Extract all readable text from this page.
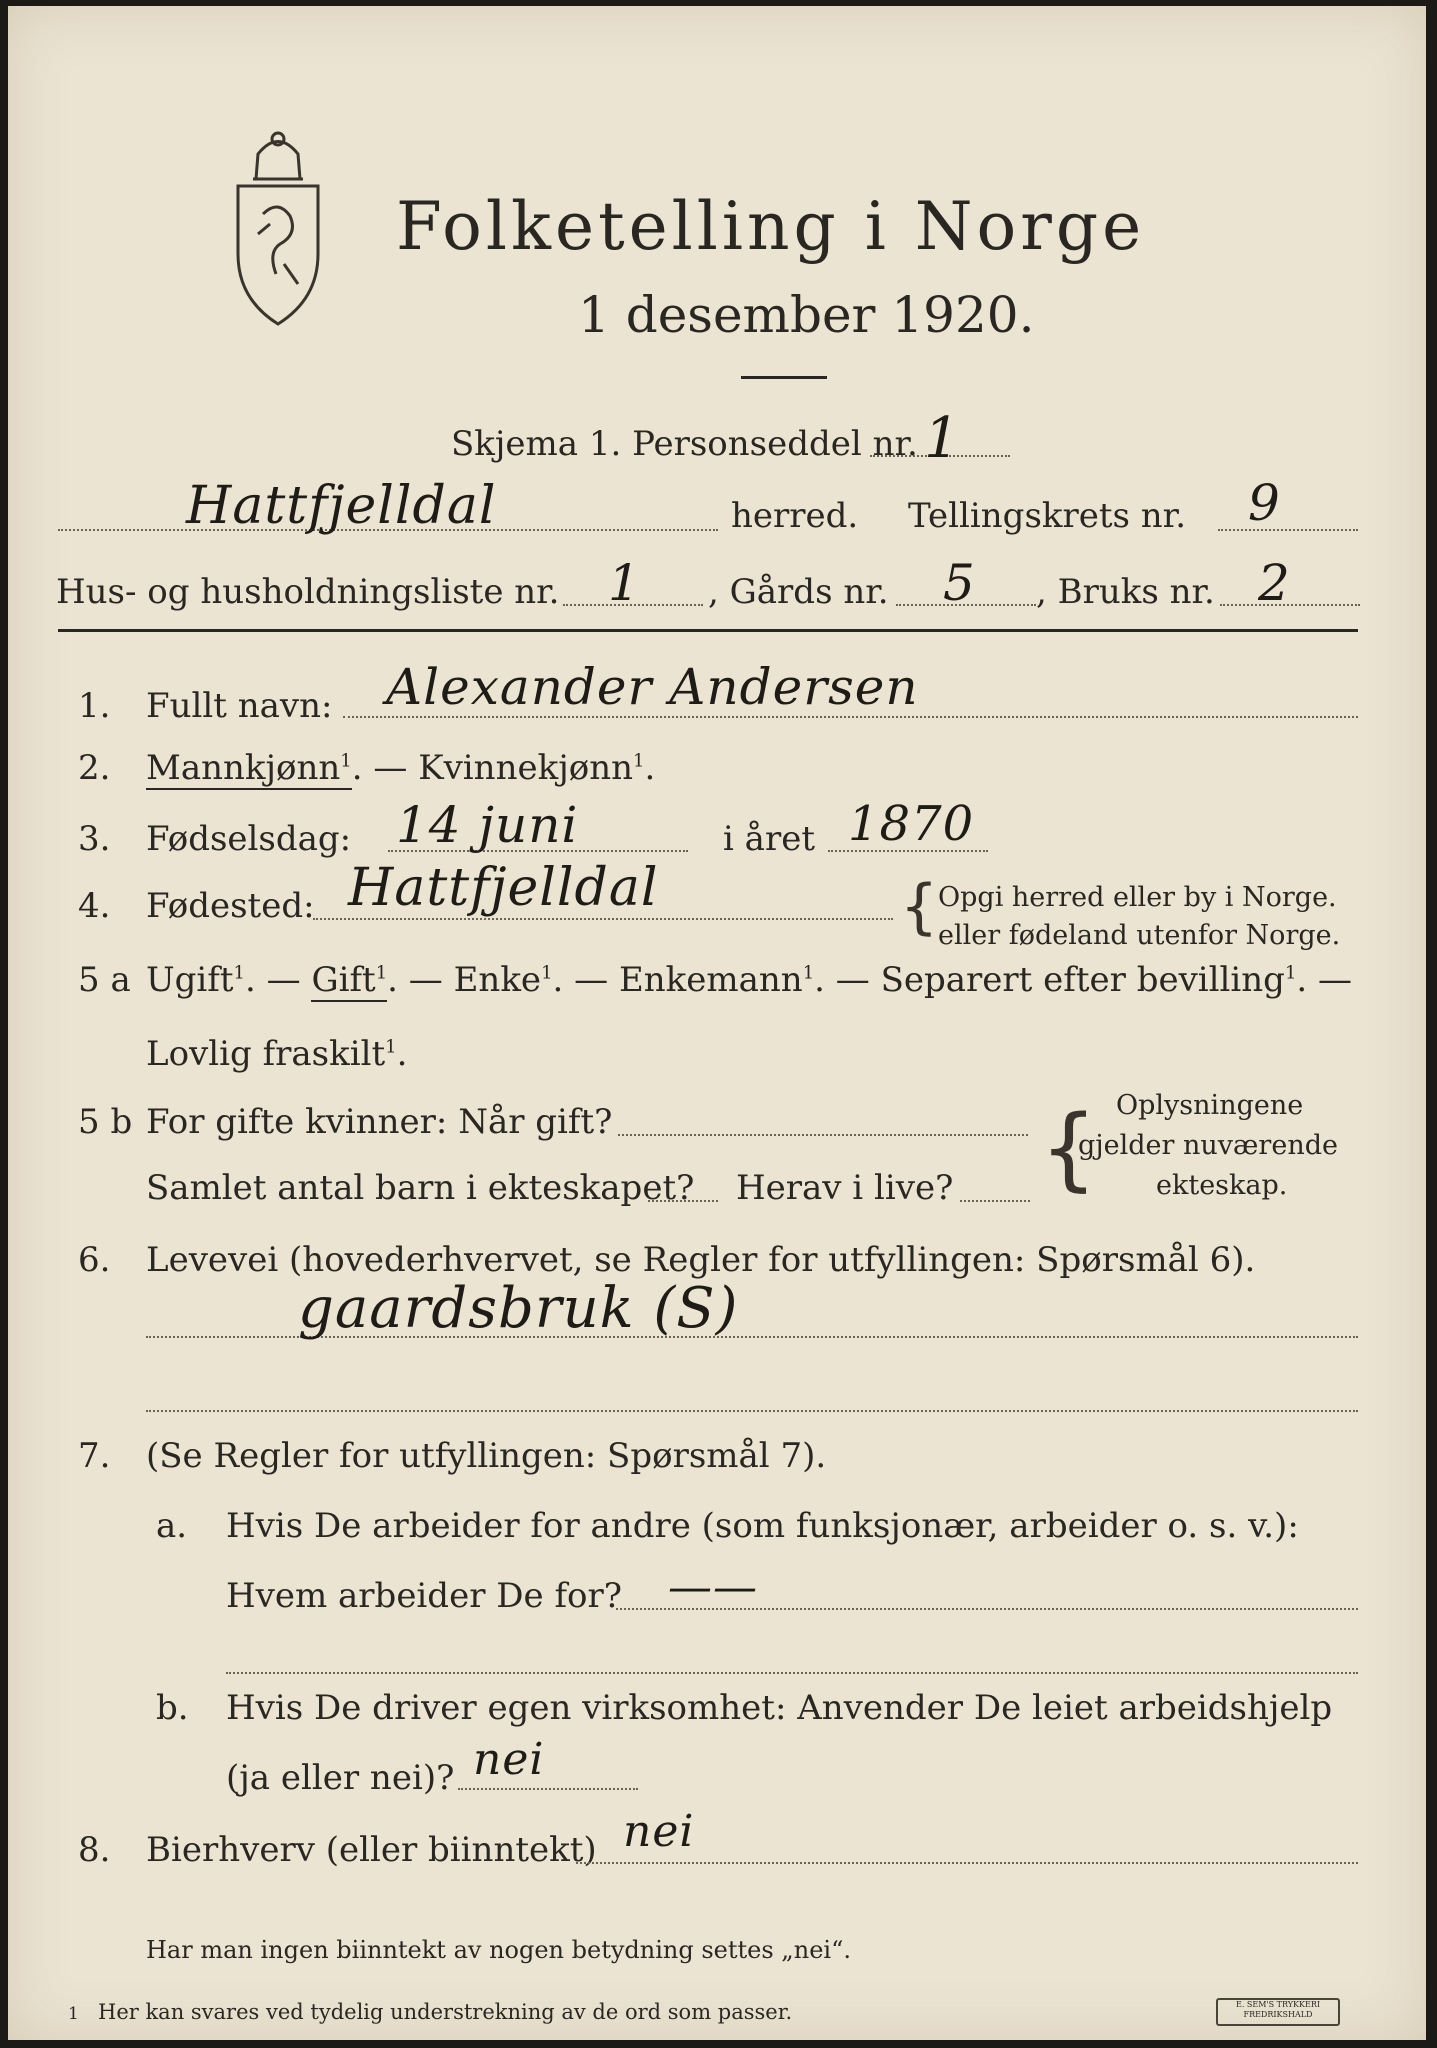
Folketelling i Norge
1 desember 1920.
Skjema 1. Personseddel nr. 1
Hattfjelldal	herred. Tellingskrets nr. 9
Hus- og husholdningsliste nr. 1 , Gårds nr. 5 , Bruks nr. 2
1. Fullt navn: Alexander Andersen
2. Mannkjønn$^1$. — Kvinnekjønn$^1$.
3. Fødselsdag: 14 juni	i året 1870
4. Fødested: Hattfjelldal	{ Opgi herred eller by i Norge.
eller fødeland utenfor Norge.
5 a Ugift$^1$. — Gift$^1$. — Enke$^1$. — Enkemann$^1$. — Separert efter bevilling$^1$. —
Lovlig fraskilt$^1$.
5 b For gifte kvinner: Når gift?
Samlet antal barn i ekteskapet? Herav i live? { Oplysningene
gjelder nuværende
ekteskap.
6. Levevei (hovederhvervet, se Regler for utfyllingen: Spørsmål 6).
gaardsbruk (S)
7. (Se Regler for utfyllingen: Spørsmål 7).
a. Hvis De arbeider for andre (som funksjonær, arbeider o. s. v.):
Hvem arbeider De for? ——
b. Hvis De driver egen virksomhet: Anvender De leiet arbeidshjelp
(ja eller nei)? nei
8. Bierhverv (eller biinntekt) nei
Har man ingen biinntekt av nogen betydning settes „nei“.
1 Her kan svares ved tydelig understrekning av de ord som passer.	E. SEM'S TRYKKERI FREDRIKSHALD
